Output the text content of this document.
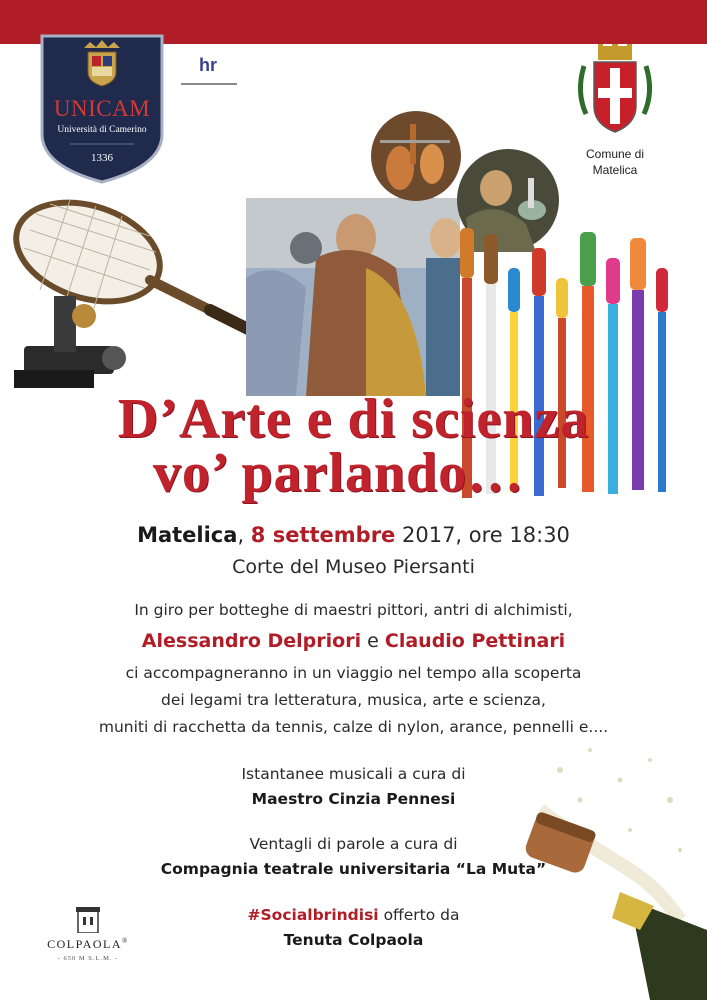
UNICAM
Università di Camerino
1336
hr
Comune di
Matelica
D’Arte e di scienza
vo’ parlando…
Matelica, 8 settembre 2017, ore 18:30
Corte del Museo Piersanti
In giro per botteghe di maestri pittori, antri di alchimisti,
Alessandro Delpriori e Claudio Pettinari
ci accompagneranno in un viaggio nel tempo alla scoperta
dei legami tra letteratura, musica, arte e scienza,
muniti di racchetta da tennis, calze di nylon, arance, pennelli e....
Istantanee musicali a cura di
Maestro Cinzia Pennesi
Ventagli di parole a cura di
Compagnia teatrale universitaria “La Muta”
#Socialbrindisi offerto da
Tenuta Colpaola
COLPAOLA®
- 650 M S.L.M. -
